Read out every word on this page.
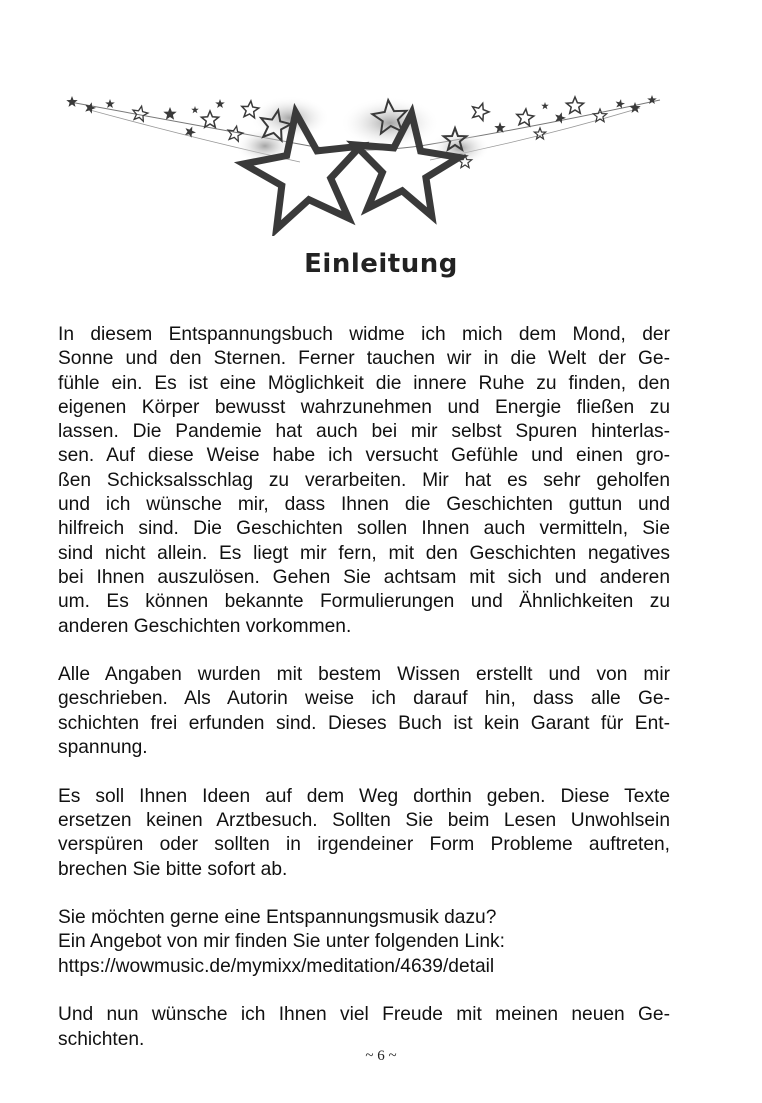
Einleitung
In diesem Entspannungsbuch widme ich mich dem Mond, der
Sonne und den Sternen. Ferner tauchen wir in die Welt der Ge-
fühle ein. Es ist eine Möglichkeit die innere Ruhe zu finden, den
eigenen Körper bewusst wahrzunehmen und Energie fließen zu
lassen. Die Pandemie hat auch bei mir selbst Spuren hinterlas-
sen. Auf diese Weise habe ich versucht Gefühle und einen gro-
ßen Schicksalsschlag zu verarbeiten. Mir hat es sehr geholfen
und ich wünsche mir, dass Ihnen die Geschichten guttun und
hilfreich sind. Die Geschichten sollen Ihnen auch vermitteln, Sie
sind nicht allein. Es liegt mir fern, mit den Geschichten negatives
bei Ihnen auszulösen. Gehen Sie achtsam mit sich und anderen
um. Es können bekannte Formulierungen und Ähnlichkeiten zu
anderen Geschichten vorkommen.
Alle Angaben wurden mit bestem Wissen erstellt und von mir
geschrieben. Als Autorin weise ich darauf hin, dass alle Ge-
schichten frei erfunden sind. Dieses Buch ist kein Garant für Ent-
spannung.
Es soll Ihnen Ideen auf dem Weg dorthin geben. Diese Texte
ersetzen keinen Arztbesuch. Sollten Sie beim Lesen Unwohlsein
verspüren oder sollten in irgendeiner Form Probleme auftreten,
brechen Sie bitte sofort ab.
Sie möchten gerne eine Entspannungsmusik dazu?
Ein Angebot von mir finden Sie unter folgenden Link:
https://wowmusic.de/mymixx/meditation/4639/detail
Und nun wünsche ich Ihnen viel Freude mit meinen neuen Ge-
schichten.
~ 6 ~
